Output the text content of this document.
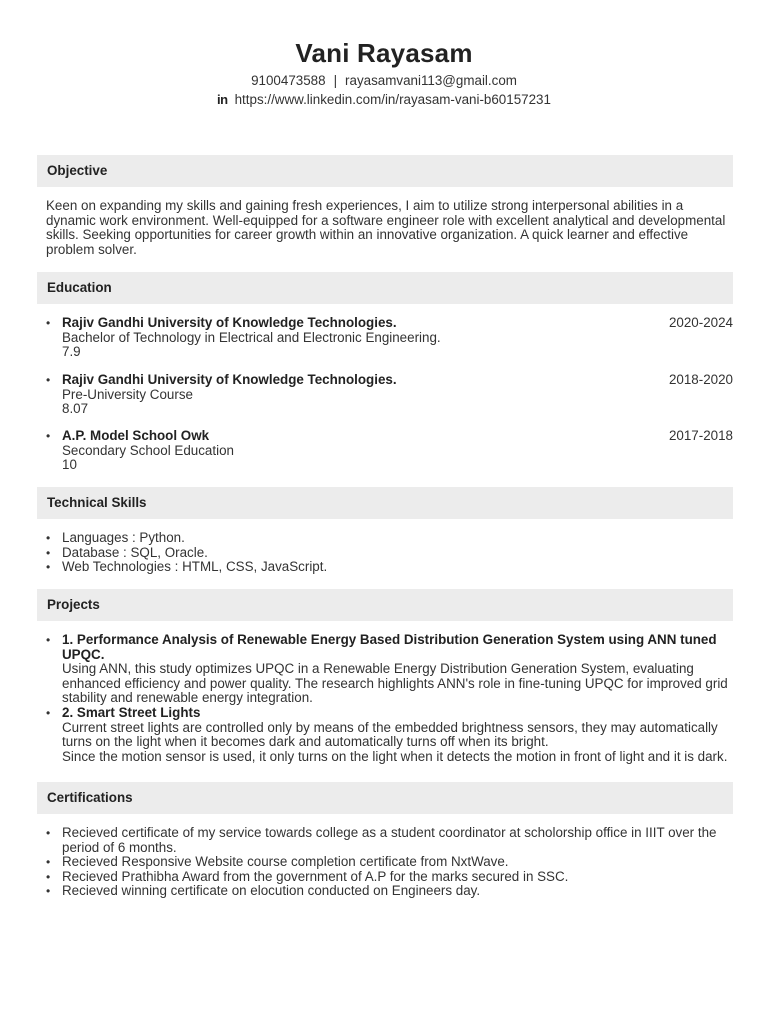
Vani Rayasam
9100473588 | rayasamvani113@gmail.com
in https://www.linkedin.com/in/rayasam-vani-b60157231
Objective
Keen on expanding my skills and gaining fresh experiences, I aim to utilize strong interpersonal abilities in a dynamic work environment. Well-equipped for a software engineer role with excellent analytical and developmental skills. Seeking opportunities for career growth within an innovative organization. A quick learner and effective problem solver.
Education
• Rajiv Gandhi University of Knowledge Technologies.
Bachelor of Technology in Electrical and Electronic Engineering.
7.9
2020-2024
• Rajiv Gandhi University of Knowledge Technologies.
Pre-University Course
8.07
2018-2020
• A.P. Model School Owk
Secondary School Education
10
2017-2018
Technical Skills
• Languages : Python.
• Database : SQL, Oracle.
• Web Technologies : HTML, CSS, JavaScript.
Projects
• 1. Performance Analysis of Renewable Energy Based Distribution Generation System using ANN tuned UPQC.
Using ANN, this study optimizes UPQC in a Renewable Energy Distribution Generation System, evaluating enhanced efficiency and power quality. The research highlights ANN's role in fine-tuning UPQC for improved grid stability and renewable energy integration.
• 2. Smart Street Lights
Current street lights are controlled only by means of the embedded brightness sensors, they may automatically turns on the light when it becomes dark and automatically turns off when its bright.
Since the motion sensor is used, it only turns on the light when it detects the motion in front of light and it is dark.
Certifications
• Recieved certificate of my service towards college as a student coordinator at scholorship office in IIIT over the period of 6 months.
• Recieved Responsive Website course completion certificate from NxtWave.
• Recieved Prathibha Award from the government of A.P for the marks secured in SSC.
• Recieved winning certificate on elocution conducted on Engineers day.
